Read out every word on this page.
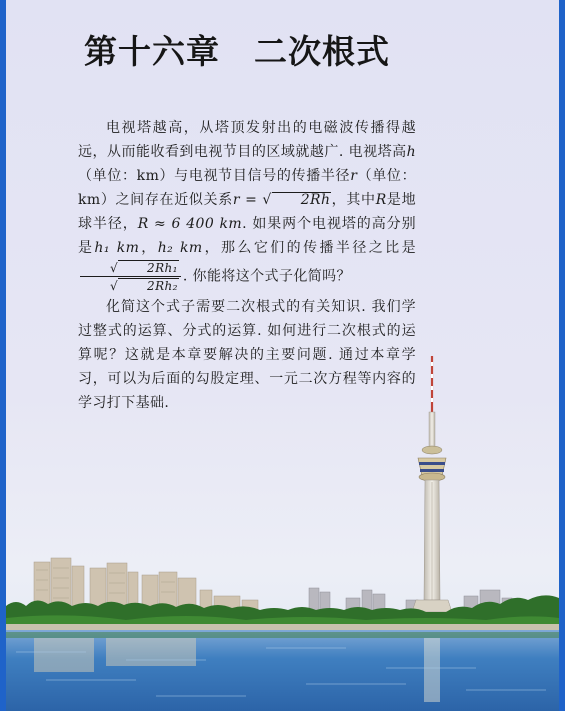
第十六章　二次根式

电视塔越高，从塔顶发射出的电磁波传播得越远，从而能收看到电视节目的区域就越广. 电视塔高h（单位：km）与电视节目信号的传播半径r（单位：km）之间存在近似关系r = √ 2Rh，其中R是地球半径，R ≈ 6 400 km. 如果两个电视塔的高分别是h₁ km，h₂ km，那么它们的传播半径之比是
$\frac{\text{√ 2Rh₁}}{\text{√ 2Rh₂}}$ . 你能将这个式子化简吗？

化简这个式子需要二次根式的有关知识. 我们学过整式的运算、分式的运算. 如何进行二次根式的运算呢？这就是本章要解决的主要问题. 通过本章学习，可以为后面的勾股定理、一元二次方程等内容的学习打下基础.
